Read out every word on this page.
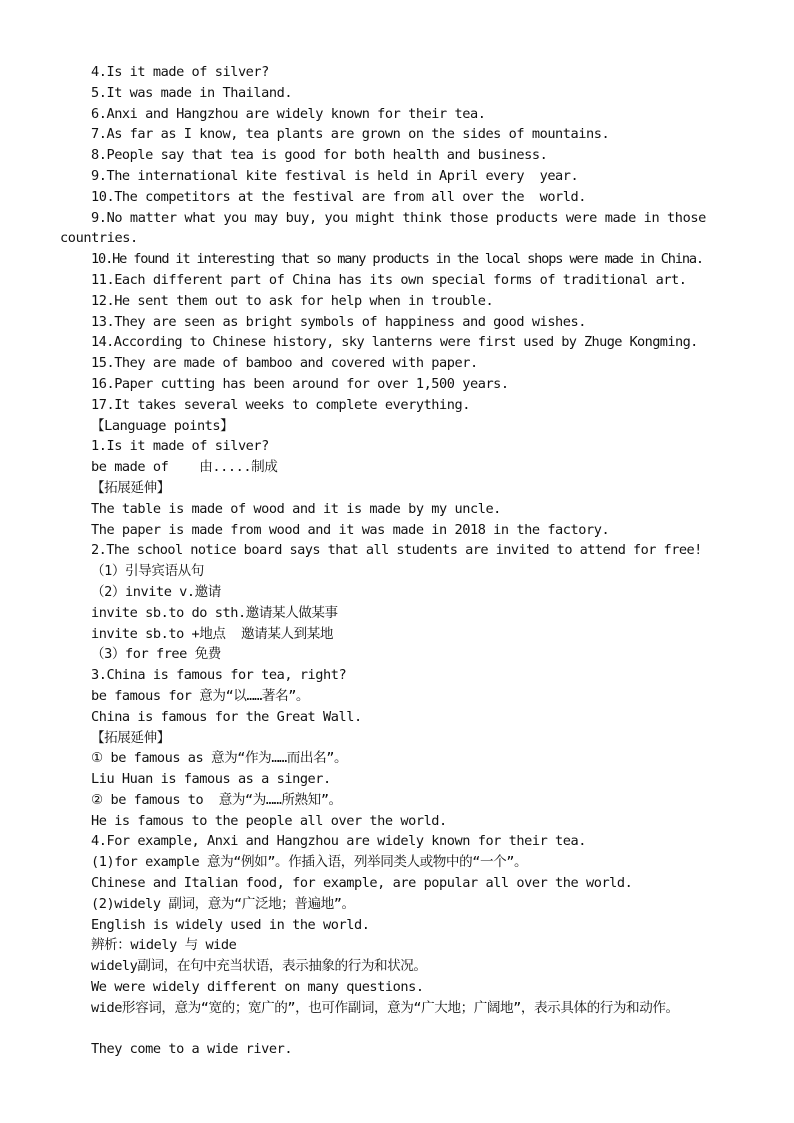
4.Is it made of silver?
5.It was made in Thailand.
6.Anxi and Hangzhou are widely known for their tea.
7.As far as I know, tea plants are grown on the sides of mountains.
8.People say that tea is good for both health and business.
9.The international kite festival is held in April every  year.
10.The competitors at the festival are from all over the  world.
9.No matter what you may buy, you might think those products were made in those countries.
10.He found it interesting that so many products in the local shops were made in China.
11.Each different part of China has its own special forms of traditional art.
12.He sent them out to ask for help when in trouble.
13.They are seen as bright symbols of happiness and good wishes.
14.According to Chinese history, sky lanterns were first used by Zhuge Kongming.
15.They are made of bamboo and covered with paper.
16.Paper cutting has been around for over 1,500 years.
17.It takes several weeks to complete everything.
【Language points】
1.Is it made of silver?
be made of    由.....制成
【拓展延伸】
The table is made of wood and it is made by my uncle.
The paper is made from wood and it was made in 2018 in the factory.
2.The school notice board says that all students are invited to attend for free!
（1）引导宾语从句
（2）invite v.邀请
invite sb.to do sth.邀请某人做某事
invite sb.to +地点  邀请某人到某地
（3）for free 免费
3.China is famous for tea, right?
be famous for 意为“以……著名”。
China is famous for the Great Wall.
【拓展延伸】
① be famous as 意为“作为……而出名”。
Liu Huan is famous as a singer.
② be famous to  意为“为……所熟知”。
He is famous to the people all over the world.
4.For example, Anxi and Hangzhou are widely known for their tea.
(1)for example 意为“例如”。作插入语，列举同类人或物中的“一个”。
Chinese and Italian food, for example, are popular all over the world.
(2)widely 副词，意为“广泛地；普遍地”。
English is widely used in the world.
辨析：widely 与 wide
widely副词，在句中充当状语，表示抽象的行为和状况。
We were widely different on many questions.
wide形容词，意为“宽的；宽广的”，也可作副词，意为“广大地；广阔地”，表示具体的行为和动作。
They come to a wide river.
